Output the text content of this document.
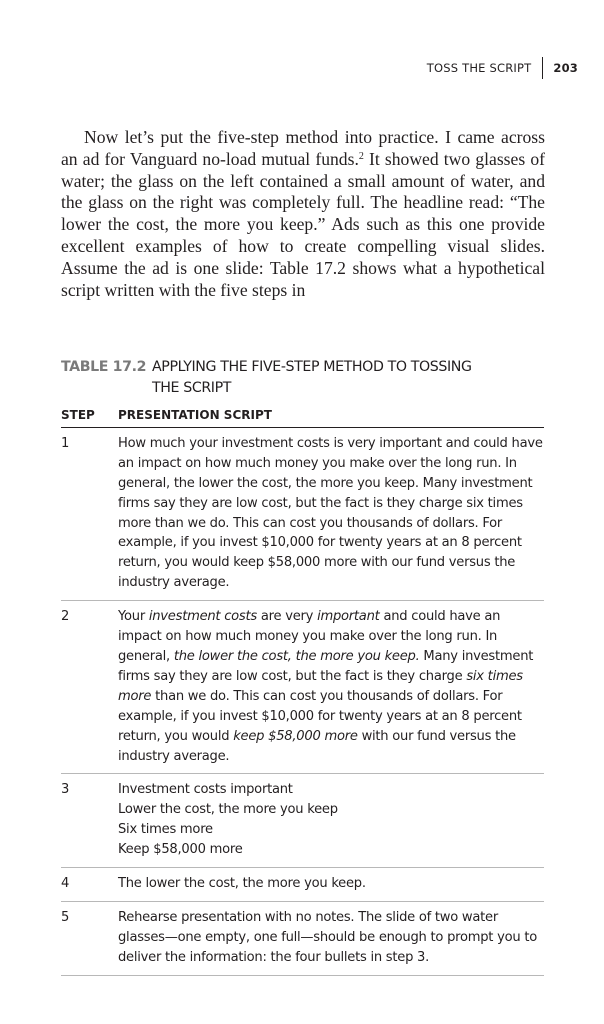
TOSS THE SCRIPT 203

Now let’s put the five-step method into practice. I came across an ad for Vanguard no-load mutual funds.$^2$ It showed two glasses of water; the glass on the left contained a small amount of water, and the glass on the right was completely full. The headline read: “The lower the cost, the more you keep.” Ads such as this one provide excellent examples of how to create compelling visual slides. Assume the ad is one slide: Table 17.2 shows what a hypothetical script written with the five steps in

TABLE 17.2 APPLYING THE FIVE-STEP METHOD TO TOSSING THE SCRIPT
STEP	PRESENTATION SCRIPT
1	How much your investment costs is very important and could have an impact on how much money you make over the long run. In general, the lower the cost, the more you keep. Many investment firms say they are low cost, but the fact is they charge six times more than we do. This can cost you thousands of dollars. For example, if you invest $10,000 for twenty years at an 8 percent return, you would keep $58,000 more with our fund versus the industry average.
2	Your investment costs are very important and could have an impact on how much money you make over the long run. In general, the lower the cost, the more you keep. Many investment firms say they are low cost, but the fact is they charge six times more than we do. This can cost you thousands of dollars. For example, if you invest $10,000 for twenty years at an 8 percent return, you would keep $58,000 more with our fund versus the industry average.
3	Investment costs important
Lower the cost, the more you keep
Six times more
Keep $58,000 more

4	The lower the cost, the more you keep.
5	Rehearse presentation with no notes. The slide of two water glasses—one empty, one full—should be enough to prompt you to deliver the information: the four bullets in step 3.
